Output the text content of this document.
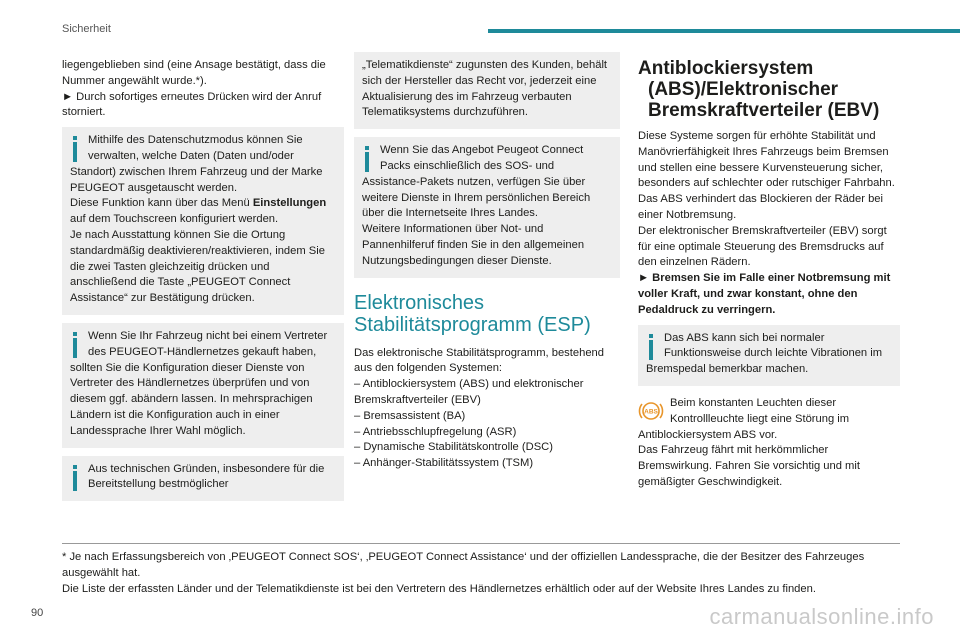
Sicherheit

liegengeblieben sind (eine Ansage bestätigt, dass die Nummer angewählt wurde.*).

► Durch sofortiges erneutes Drücken wird der Anruf storniert.

Mithilfe des Datenschutzmodus können Sie verwalten, welche Daten (Daten und/oder Standort) zwischen Ihrem Fahrzeug und der Marke PEUGEOT ausgetauscht werden.

Diese Funktion kann über das Menü Einstellungen auf dem Touchscreen konfiguriert werden.

Je nach Ausstattung können Sie die Ortung standardmäßig deaktivieren/reaktivieren, indem Sie die zwei Tasten gleichzeitig drücken und anschließend die Taste „PEUGEOT Connect Assistance“ zur Bestätigung drücken.

Wenn Sie Ihr Fahrzeug nicht bei einem Vertreter des PEUGEOT-Händlernetzes gekauft haben, sollten Sie die Konfiguration dieser Dienste von Vertreter des Händlernetzes überprüfen und von diesem ggf. abändern lassen. In mehrsprachigen Ländern ist die Konfiguration auch in einer Landessprache Ihrer Wahl möglich.

Aus technischen Gründen, insbesondere für die Bereitstellung bestmöglicher

„Telematikdienste“ zugunsten des Kunden, behält sich der Hersteller das Recht vor, jederzeit eine Aktualisierung des im Fahrzeug verbauten Telematiksystems durchzuführen.

Wenn Sie das Angebot Peugeot Connect Packs einschließlich des SOS- und Assistance-Pakets nutzen, verfügen Sie über weitere Dienste in Ihrem persönlichen Bereich über die Internetseite Ihres Landes.

Weitere Informationen über Not- und Pannenhilferuf finden Sie in den allgemeinen Nutzungsbedingungen dieser Dienste.

Elektronisches Stabilitätsprogramm (ESP)

Das elektronische Stabilitätsprogramm, bestehend aus den folgenden Systemen:

– Antiblockiersystem (ABS) und elektronischer Bremskraftverteiler (EBV)

– Bremsassistent (BA)

– Antriebsschlupfregelung (ASR)

– Dynamische Stabilitätskontrolle (DSC)

– Anhänger-Stabilitätssystem (TSM)

Antiblockiersystem
(ABS)/Elektronischer
Bremskraftverteiler (EBV)

Diese Systeme sorgen für erhöhte Stabilität und Manövrierfähigkeit Ihres Fahrzeugs beim Bremsen und stellen eine bessere Kurvensteuerung sicher, besonders auf schlechter oder rutschiger Fahrbahn.

Das ABS verhindert das Blockieren der Räder bei einer Notbremsung.

Der elektronischer Bremskraftverteiler (EBV) sorgt für eine optimale Steuerung des Bremsdrucks auf den einzelnen Rädern.

► Bremsen Sie im Falle einer Notbremsung mit voller Kraft, und zwar konstant, ohne den Pedaldruck zu verringern.

Das ABS kann sich bei normaler Funktionsweise durch leichte Vibrationen im Bremspedal bemerkbar machen.

ABS

Beim konstanten Leuchten dieser Kontrollleuchte liegt eine Störung im Antiblockiersystem ABS vor.

Das Fahrzeug fährt mit herkömmlicher Bremswirkung. Fahren Sie vorsichtig und mit gemäßigter Geschwindigkeit.

* Je nach Erfassungsbereich von ‚PEUGEOT Connect SOS‘, ‚PEUGEOT Connect Assistance‘ und der offiziellen Landessprache, die der Besitzer des Fahrzeuges ausgewählt hat.

Die Liste der erfassten Länder und der Telematikdienste ist bei den Vertretern des Händlernetzes erhältlich oder auf der Website Ihres Landes zu finden.

90	carmanualsonline.info
